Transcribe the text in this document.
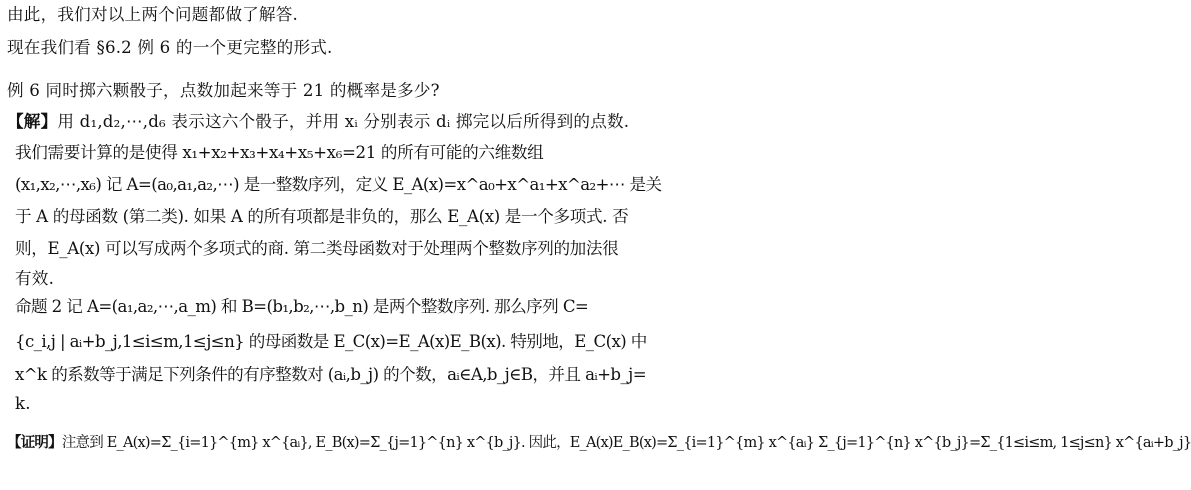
由此，我们对以上两个问题都做了解答.
现在我们看 §6.2 例 6 的一个更完整的形式.
例 6 同时掷六颗骰子，点数加起来等于 21 的概率是多少?
【解】用 d₁,d₂,⋯,d₆ 表示这六个骰子，并用 xᵢ 分别表示 dᵢ 掷完以后所得到的点数.
我们需要计算的是使得 x₁+x₂+x₃+x₄+x₅+x₆=21 的所有可能的六维数组
(x₁,x₂,⋯,x₆) 记 A=(a₀,a₁,a₂,⋯) 是一整数序列，定义 E_A(x)=x^a₀+x^a₁+x^a₂+⋯ 是关
于 A 的母函数 (第二类). 如果 A 的所有项都是非负的，那么 E_A(x) 是一个多项式. 否
则，E_A(x) 可以写成两个多项式的商. 第二类母函数对于处理两个整数序列的加法很
有效.
命题 2 记 A=(a₁,a₂,⋯,a_m) 和 B=(b₁,b₂,⋯,b_n) 是两个整数序列. 那么序列 C=
{c_i,j | aᵢ+b_j,1≤i≤m,1≤j≤n} 的母函数是 E_C(x)=E_A(x)E_B(x). 特别地，E_C(x) 中
x^k 的系数等于满足下列条件的有序整数对 (aᵢ,b_j) 的个数，aᵢ∈A,b_j∈B，并且 aᵢ+b_j=
k.
【证明】注意到 E_A(x)=Σ_{i=1}^{m} x^{aᵢ}, E_B(x)=Σ_{j=1}^{n} x^{b_j}. 因此，E_A(x)E_B(x)=Σ_{i=1}^{m} x^{aᵢ} Σ_{j=1}^{n} x^{b_j}=Σ_{1≤i≤m, 1≤j≤n} x^{aᵢ+b_j}
